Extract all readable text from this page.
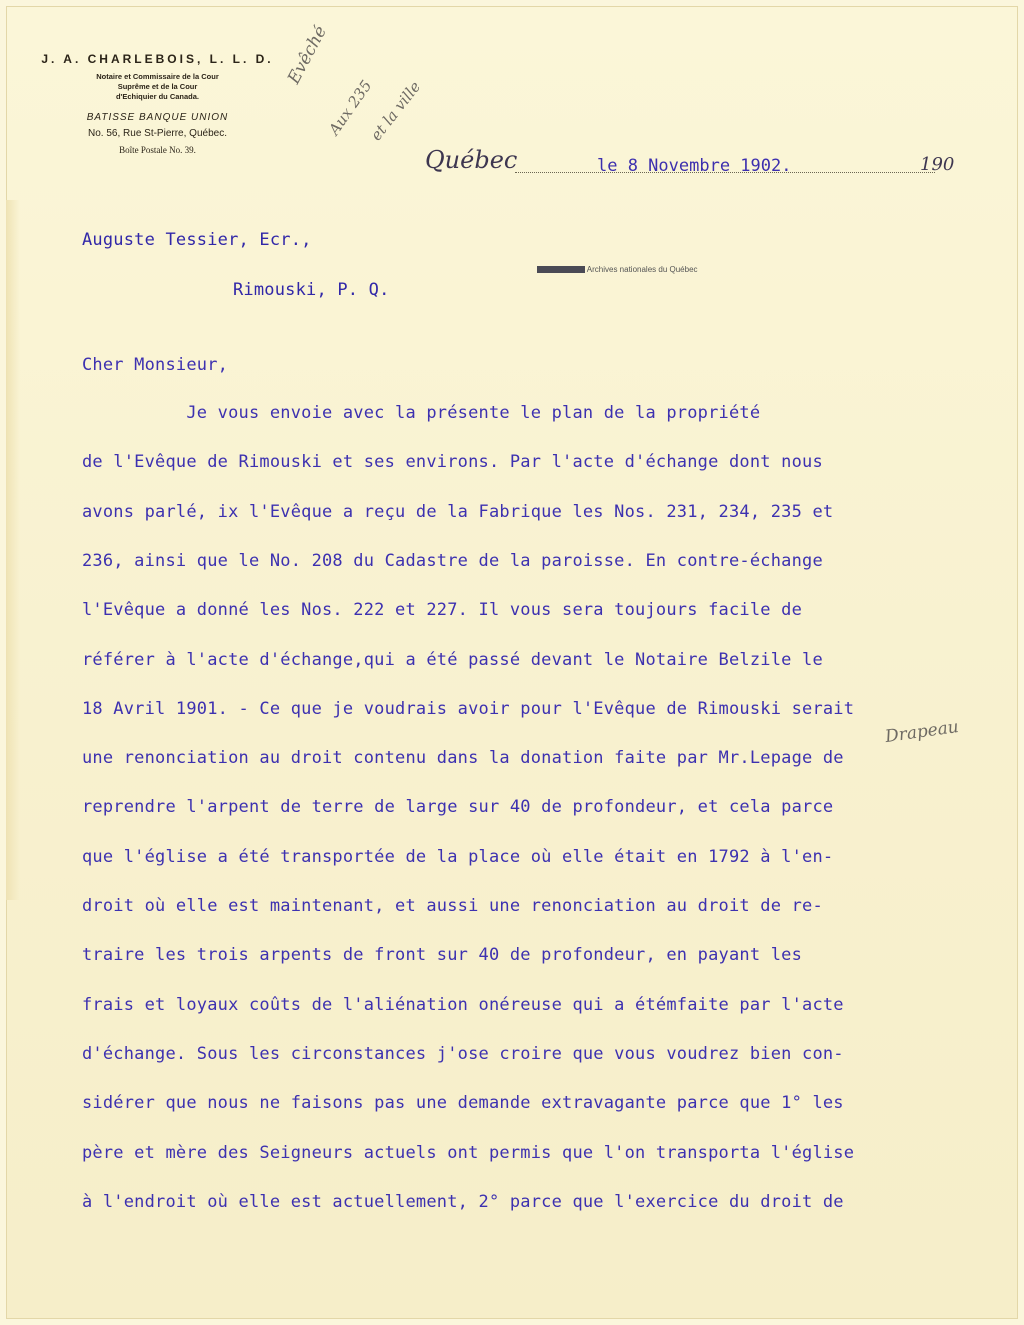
J. A. CHARLEBOIS, L. L. D.
Notaire et Commissaire de la Cour
Suprême et de la Cour
d'Echiquier du Canada.
BATISSE BANQUE UNION
No. 56, Rue St-Pierre, Québec.
Boîte Postale No. 39.
Evêché
Aux 235
et la ville
Québec	le 8 Novembre 1902.	190
Auguste Tessier, Ecr.,
Rimouski, P. Q.
Archives nationales du Québec
Cher Monsieur,
Je vous envoie avec la présente le plan de la propriété
de l'Evêque de Rimouski et ses environs. Par l'acte d'échange dont nous
avons parlé, ix l'Evêque a reçu de la Fabrique les Nos. 231, 234, 235 et
236, ainsi que le No. 208 du Cadastre de la paroisse. En contre-échange
l'Evêque a donné les Nos. 222 et 227. Il vous sera toujours facile de
référer à l'acte d'échange,qui a été passé devant le Notaire Belzile le
18 Avril 1901. - Ce que je voudrais avoir pour l'Evêque de Rimouski serait
une renonciation au droit contenu dans la donation faite par Mr.Lepage de
reprendre l'arpent de terre de large sur 40 de profondeur, et cela parce
que l'église a été transportée de la place où elle était en 1792 à l'en-
droit où elle est maintenant, et aussi une renonciation au droit de re-
traire les trois arpents de front sur 40 de profondeur, en payant les
frais et loyaux coûts de l'aliénation onéreuse qui a étémfaite par l'acte
d'échange. Sous les circonstances j'ose croire que vous voudrez bien con-
sidérer que nous ne faisons pas une demande extravagante parce que 1° les
père et mère des Seigneurs actuels ont permis que l'on transporta l'église
à l'endroit où elle est actuellement, 2° parce que l'exercice du droit de
Drapeau
